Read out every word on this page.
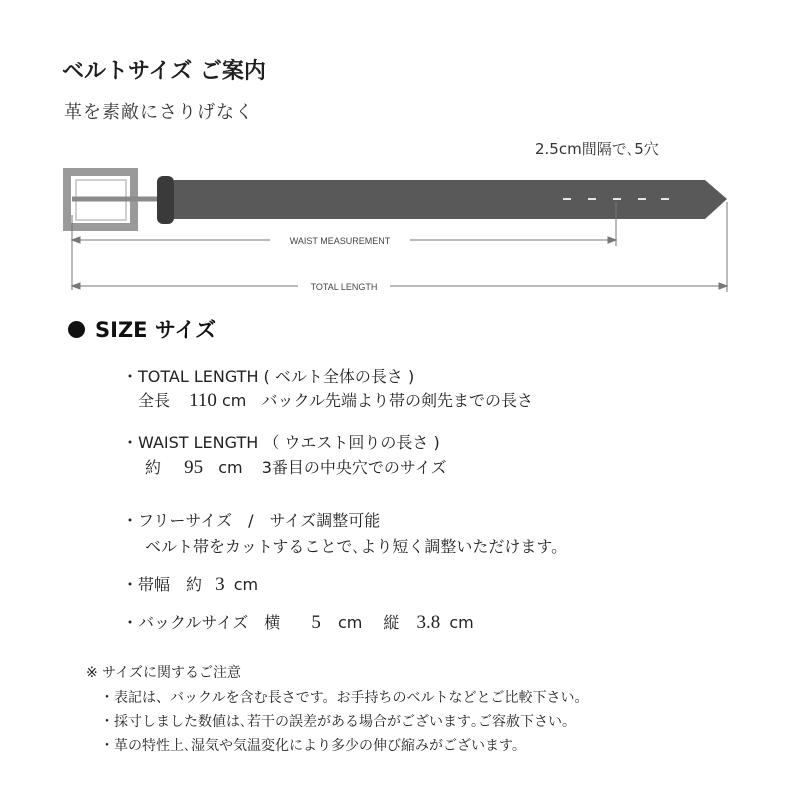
ベルトサイズ ご案内
革を素敵にさりげなく
2.5cm間隔で､5穴
WAIST MEASUREMENT
TOTAL LENGTH
SIZE サイズ
・TOTAL LENGTH ( ベルト全体の長さ )
全長 110 cm バックル先端より帯の剣先までの長さ
・WAIST LENGTH （ ウエスト回りの長さ )
約 95 cm 3番目の中央穴でのサイズ
・フリーサイズ　/　サイズ調整可能
ベルト帯をカットすることで､より短く調整いただけます。
・帯幅　約 3 cm
・バックルサイズ　横 5 cm 縦 3.8 cm
※ サイズに関するご注意
・表記は、バックルを含む長さです。お手持ちのベルトなどとご比較下さい。
・採寸しました数値は､若干の誤差がある場合がございます｡ご容赦下さい。
・革の特性上､湿気や気温変化により多少の伸び縮みがございます。
